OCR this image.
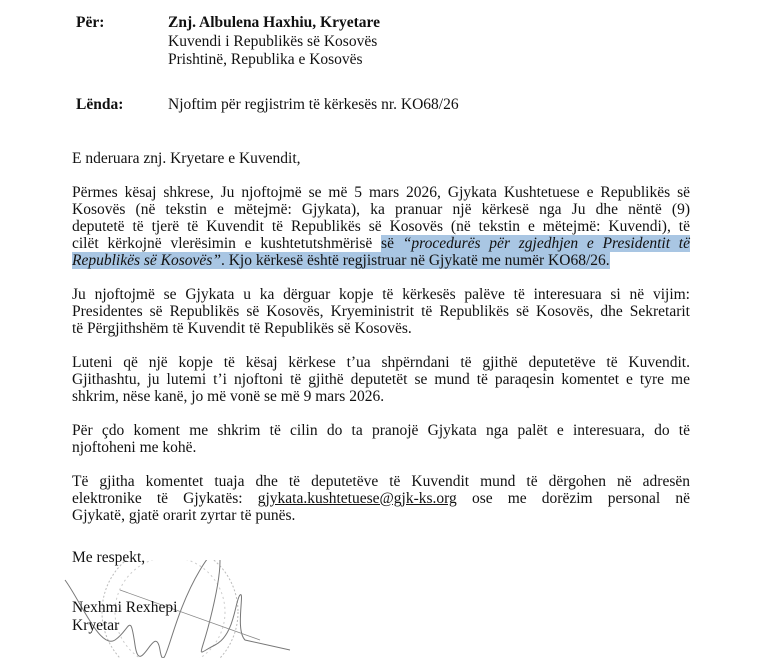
Për:	Znj. Albulena Haxhiu, Kryetare
Kuvendi i Republikës së Kosovës
Prishtinë, Republika e Kosovës
Lënda:	Njoftim për regjistrim të kërkesës nr. KO68/26
E nderuara znj. Kryetare e Kuvendit,
Përmes kësaj shkrese, Ju njoftojmë se më 5 mars 2026, Gjykata Kushtetuese e Republikës së
Kosovës (në tekstin e mëtejmë: Gjykata), ka pranuar një kërkesë nga Ju dhe nëntë (9)
deputetë të tjerë të Kuvendit të Republikës së Kosovës (në tekstin e mëtejmë: Kuvendi), të
cilët kërkojnë vlerësimin e kushtetutshmërisë së “procedurës për zgjedhjen e Presidentit të
Republikës së Kosovës”. Kjo kërkesë është regjistruar në Gjykatë me numër KO68/26.
Ju njoftojmë se Gjykata u ka dërguar kopje të kërkesës palëve të interesuara si në vijim:
Presidentes së Republikës së Kosovës, Kryeministrit të Republikës së Kosovës, dhe Sekretarit
të Përgjithshëm të Kuvendit të Republikës së Kosovës.
Luteni që një kopje të kësaj kërkese t’ua shpërndani të gjithë deputetëve të Kuvendit.
Gjithashtu, ju lutemi t’i njoftoni të gjithë deputetët se mund të paraqesin komentet e tyre me
shkrim, nëse kanë, jo më vonë se më 9 mars 2026.
Për çdo koment me shkrim të cilin do ta pranojë Gjykata nga palët e interesuara, do të
njoftoheni me kohë.
Të gjitha komentet tuaja dhe të deputetëve të Kuvendit mund të dërgohen në adresën
elektronike të Gjykatës: gjykata.kushtetuese@gjk-ks.org ose me dorëzim personal në
Gjykatë, gjatë orarit zyrtar të punës.
Me respekt,
Nexhmi Rexhepi
Kryetar
